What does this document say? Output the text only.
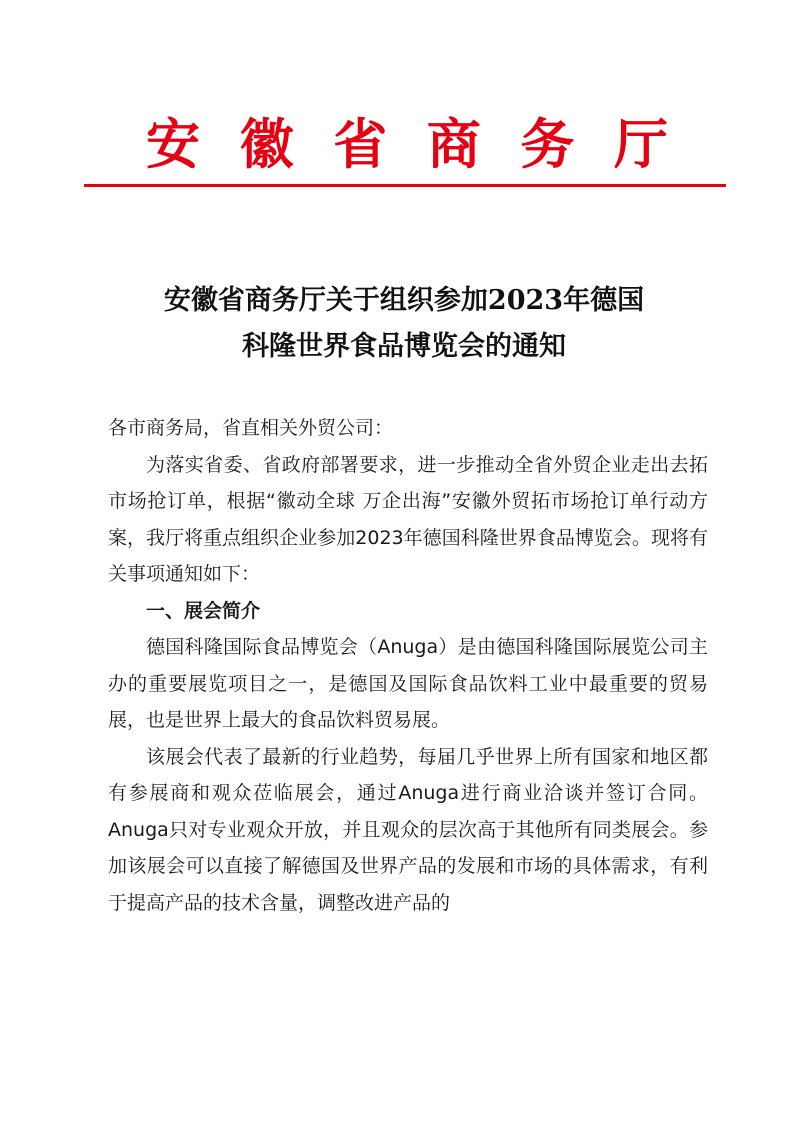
安 徽 省 商 务 厅
安徽省商务厅关于组织参加2023年德国
科隆世界食品博览会的通知

各市商务局，省直相关外贸公司：

为落实省委、省政府部署要求，进一步推动全省外贸企业走出去拓市场抢订单，根据“徽动全球 万企出海”安徽外贸拓市场抢订单行动方案，我厅将重点组织企业参加2023年德国科隆世界食品博览会。现将有关事项通知如下：

一、展会简介

德国科隆国际食品博览会（Anuga）是由德国科隆国际展览公司主办的重要展览项目之一，是德国及国际食品饮料工业中最重要的贸易展，也是世界上最大的食品饮料贸易展。

该展会代表了最新的行业趋势，每届几乎世界上所有国家和地区都有参展商和观众莅临展会，通过Anuga进行商业洽谈并签订合同。Anuga只对专业观众开放，并且观众的层次高于其他所有同类展会。参加该展会可以直接了解德国及世界产品的发展和市场的具体需求，有利于提高产品的技术含量，调整改进产品的
